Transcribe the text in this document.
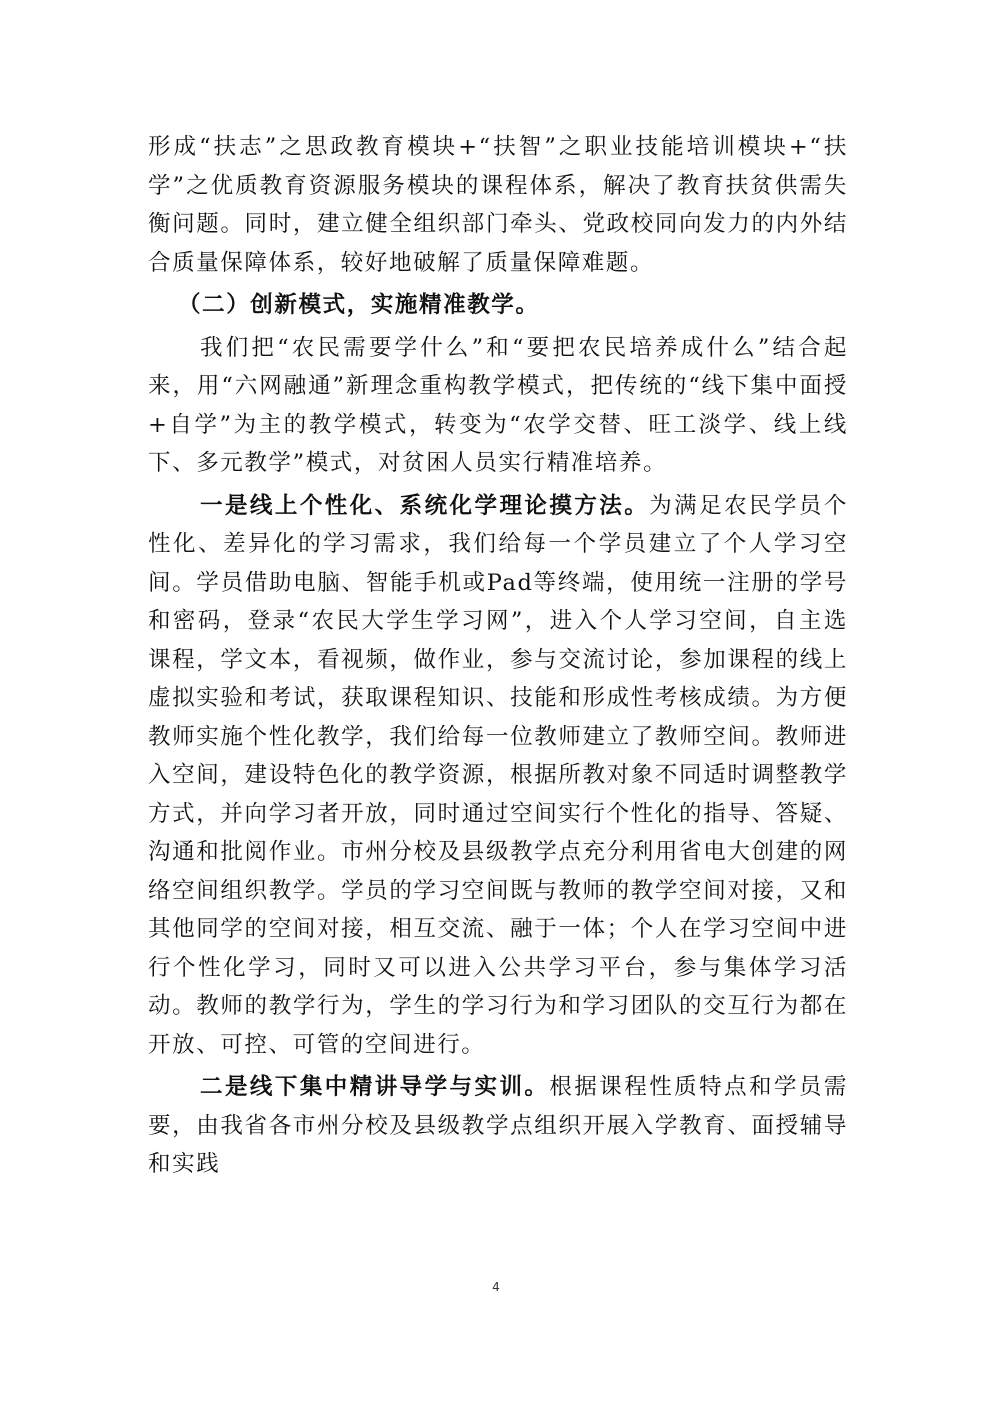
形成“扶志”之思政教育模块+“扶智”之职业技能培训模块+“扶学”之优质教育资源服务模块的课程体系，解决了教育扶贫供需失衡问题。同时，建立健全组织部门牵头、党政校同向发力的内外结合质量保障体系，较好地破解了质量保障难题。

（二）创新模式，实施精准教学。

我们把“农民需要学什么”和“要把农民培养成什么”结合起来，用“六网融通”新理念重构教学模式，把传统的“线下集中面授+自学”为主的教学模式，转变为“农学交替、旺工淡学、线上线下、多元教学”模式，对贫困人员实行精准培养。

一是线上个性化、系统化学理论摸方法。为满足农民学员个性化、差异化的学习需求，我们给每一个学员建立了个人学习空间。学员借助电脑、智能手机或Pad等终端，使用统一注册的学号和密码，登录“农民大学生学习网”，进入个人学习空间，自主选课程，学文本，看视频，做作业，参与交流讨论，参加课程的线上虚拟实验和考试，获取课程知识、技能和形成性考核成绩。为方便教师实施个性化教学，我们给每一位教师建立了教师空间。教师进入空间，建设特色化的教学资源，根据所教对象不同适时调整教学方式，并向学习者开放，同时通过空间实行个性化的指导、答疑、沟通和批阅作业。市州分校及县级教学点充分利用省电大创建的网络空间组织教学。学员的学习空间既与教师的教学空间对接，又和其他同学的空间对接，相互交流、融于一体；个人在学习空间中进行个性化学习，同时又可以进入公共学习平台，参与集体学习活动。教师的教学行为，学生的学习行为和学习团队的交互行为都在开放、可控、可管的空间进行。

二是线下集中精讲导学与实训。根据课程性质特点和学员需要，由我省各市州分校及县级教学点组织开展入学教育、面授辅导和实践

4
